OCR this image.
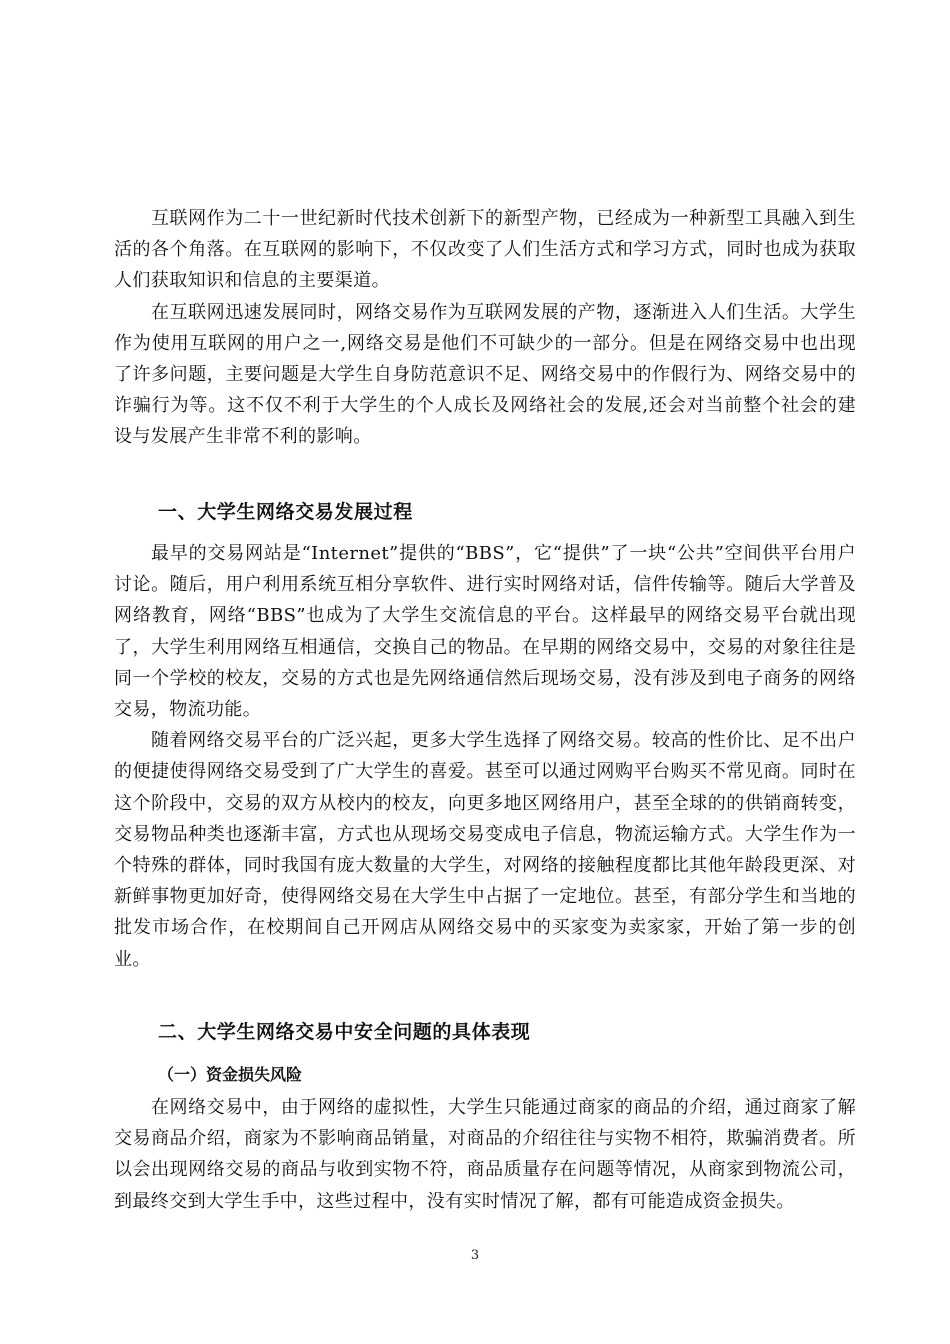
互联网作为二十一世纪新时代技术创新下的新型产物，已经成为一种新型工具融入到生活的各个角落。在互联网的影响下，不仅改变了人们生活方式和学习方式，同时也成为获取人们获取知识和信息的主要渠道。

在互联网迅速发展同时，网络交易作为互联网发展的产物，逐渐进入人们生活。大学生作为使用互联网的用户之一,网络交易是他们不可缺少的一部分。但是在网络交易中也出现了许多问题，主要问题是大学生自身防范意识不足、网络交易中的作假行为、网络交易中的诈骗行为等。这不仅不利于大学生的个人成长及网络社会的发展,还会对当前整个社会的建设与发展产生非常不利的影响。

一、大学生网络交易发展过程

最早的交易网站是“Internet”提供的“BBS”，它“提供”了一块“公共”空间供平台用户讨论。随后，用户利用系统互相分享软件、进行实时网络对话，信件传输等。随后大学普及网络教育，网络“BBS”也成为了大学生交流信息的平台。这样最早的网络交易平台就出现了，大学生利用网络互相通信，交换自己的物品。在早期的网络交易中，交易的对象往往是同一个学校的校友，交易的方式也是先网络通信然后现场交易，没有涉及到电子商务的网络交易，物流功能。

随着网络交易平台的广泛兴起，更多大学生选择了网络交易。较高的性价比、足不出户的便捷使得网络交易受到了广大学生的喜爱。甚至可以通过网购平台购买不常见商。同时在这个阶段中，交易的双方从校内的校友，向更多地区网络用户，甚至全球的的供销商转变，交易物品种类也逐渐丰富，方式也从现场交易变成电子信息，物流运输方式。大学生作为一个特殊的群体，同时我国有庞大数量的大学生，对网络的接触程度都比其他年龄段更深、对新鲜事物更加好奇，使得网络交易在大学生中占据了一定地位。甚至，有部分学生和当地的批发市场合作，在校期间自己开网店从网络交易中的买家变为卖家家，开始了第一步的创业。

二、大学生网络交易中安全问题的具体表现
（一）资金损失风险

在网络交易中，由于网络的虚拟性，大学生只能通过商家的商品的介绍，通过商家了解交易商品介绍，商家为不影响商品销量，对商品的介绍往往与实物不相符，欺骗消费者。所以会出现网络交易的商品与收到实物不符，商品质量存在问题等情况，从商家到物流公司，到最终交到大学生手中，这些过程中，没有实时情况了解，都有可能造成资金损失。

3
